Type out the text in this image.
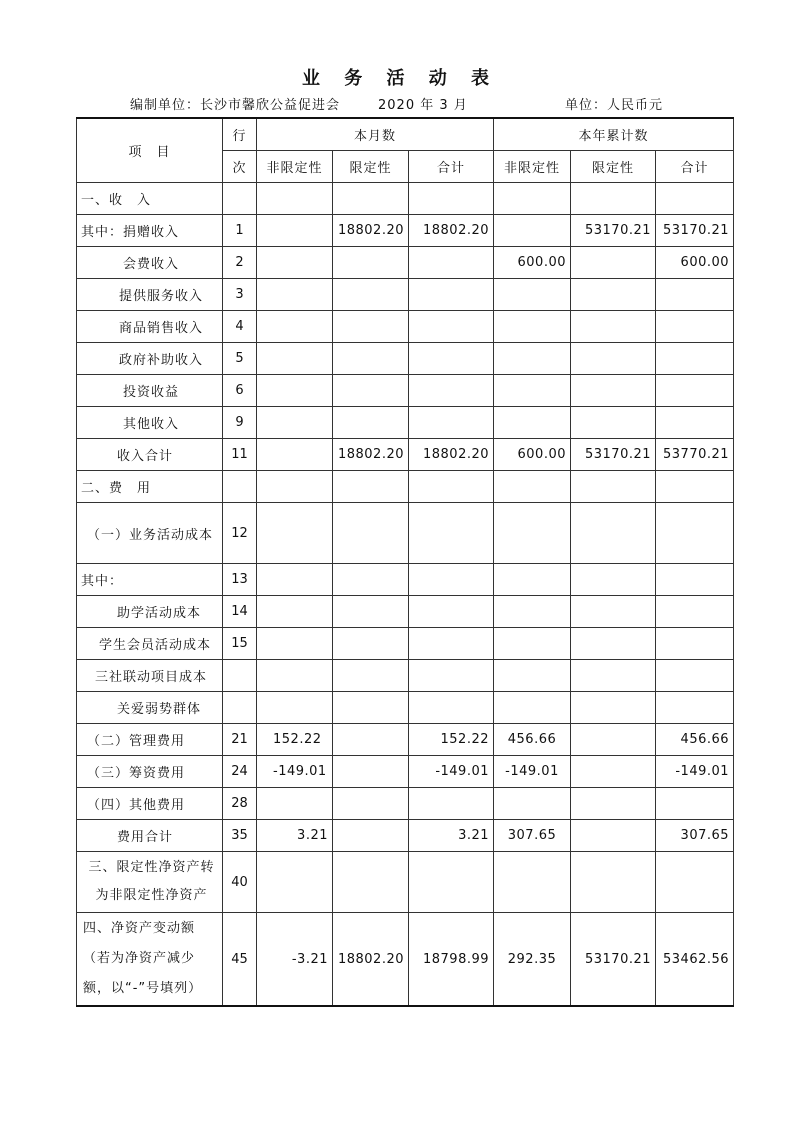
业 务 活 动 表
编制单位：长沙市馨欣公益促进会	2020 年 3 月	单位：人民币元
项　目	行	本月数			本年累计数		
	次	非限定性	限定性	合计	非限定性	限定性	合计
一、收　入							
其中：捐赠收入	1		18802.20	18802.20		53170.21	53170.21
会费收入	2				600.00		600.00
提供服务收入	3						
商品销售收入	4						
政府补助收入	5						
投资收益	6						
其他收入	9						
收入合计	11		18802.20	18802.20	600.00	53170.21	53770.21
二、费　用							
（一）业务活动成本	12						
其中：	13						
助学活动成本	14						
学生会员活动成本	15						
三社联动项目成本							
关爱弱势群体							
（二）管理费用	21	152.22		152.22	456.66		456.66
（三）筹资费用	24	-149.01		-149.01	-149.01		-149.01
（四）其他费用	28						
费用合计	35	3.21		3.21	307.65		307.65
三、限定性净资产转为非限定性净资产	40						
四、净资产变动额（若为净资产减少额，以“-”号填列）	45	-3.21	18802.20	18798.99	292.35	53170.21	53462.56
